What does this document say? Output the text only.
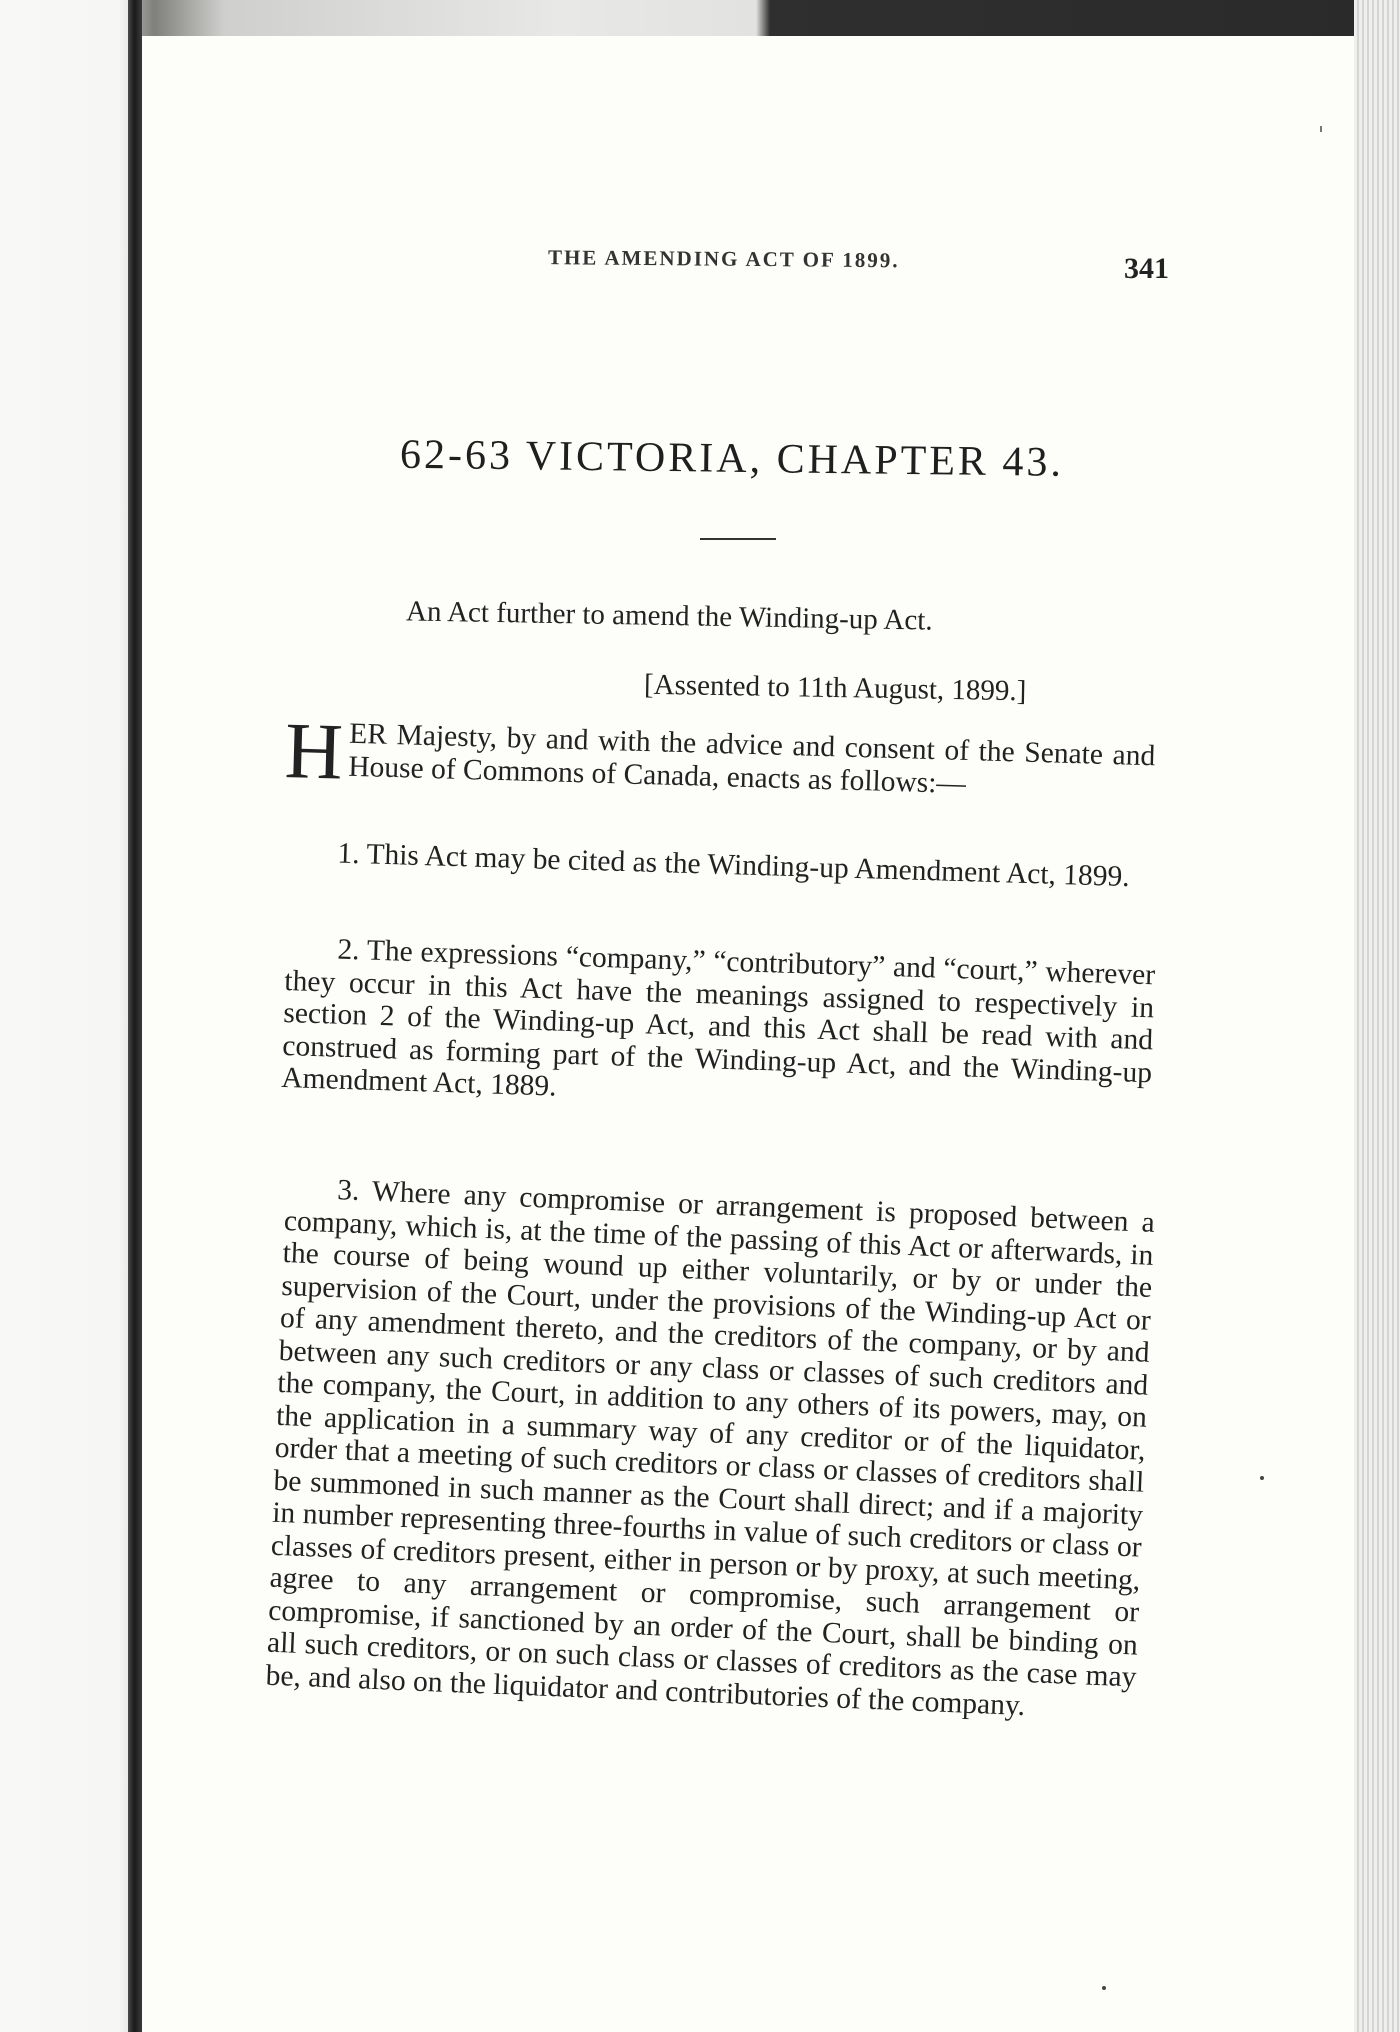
THE AMENDING ACT OF 1899.	341
62-63 VICTORIA, CHAPTER 43.
An Act further to amend the Winding-up Act.
[Assented to 11th August, 1899.]
H ER Majesty, by and with the advice and consent of the Senate and House of Commons of Canada, enacts as follows:—
1. This Act may be cited as the Winding-up Amendment Act, 1899.
2. The expressions “company,” “contributory” and “court,” wherever they occur in this Act have the meanings assigned to respectively in section 2 of the Winding-up Act, and this Act shall be read with and construed as forming part of the Winding-up Act, and the Winding-up Amendment Act, 1889.
3. Where any compromise or arrangement is proposed between a company, which is, at the time of the passing of this Act or afterwards, in the course of being wound up either voluntarily, or by or under the supervision of the Court, under the provisions of the Winding-up Act or of any amendment thereto, and the creditors of the company, or by and between any such creditors or any class or classes of such creditors and the company, the Court, in addition to any others of its powers, may, on the application in a summary way of any creditor or of the liquidator, order that a meeting of such creditors or class or classes of creditors shall be summoned in such manner as the Court shall direct; and if a majority in number representing three-fourths in value of such creditors or class or classes of creditors present, either in person or by proxy, at such meeting, agree to any arrangement or compromise, such arrangement or compromise, if sanctioned by an order of the Court, shall be binding on all such creditors, or on such class or classes of creditors as the case may be, and also on the liquidator and contributories of the company.
